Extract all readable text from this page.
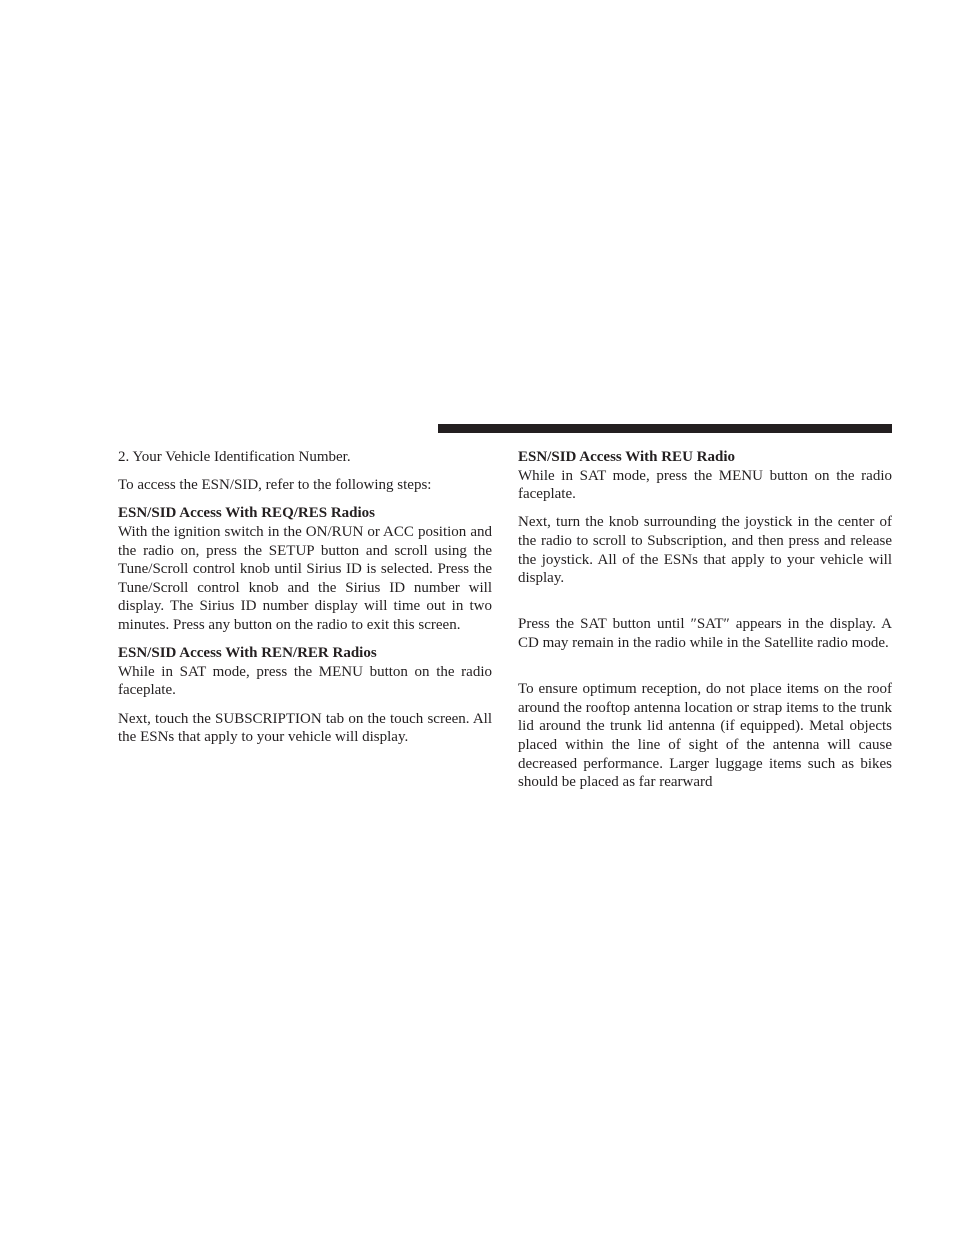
2. Your Vehicle Identification Number.

To access the ESN/SID, refer to the following steps:

ESN/SID Access With REQ/RES Radios

With the ignition switch in the ON/RUN or ACC position and the radio on, press the SETUP button and scroll using the Tune/Scroll control knob until Sirius ID is selected. Press the Tune/Scroll control knob and the Sirius ID number will display. The Sirius ID number display will time out in two minutes. Press any button on the radio to exit this screen.

ESN/SID Access With REN/RER Radios

While in SAT mode, press the MENU button on the radio faceplate.

Next, touch the SUBSCRIPTION tab on the touch screen. All the ESNs that apply to your vehicle will display.

ESN/SID Access With REU Radio

While in SAT mode, press the MENU button on the radio faceplate.

Next, turn the knob surrounding the joystick in the center of the radio to scroll to Subscription, and then press and release the joystick. All of the ESNs that apply to your vehicle will display.

Press the SAT button until ″SAT″ appears in the display. A CD may remain in the radio while in the Satellite radio mode.

To ensure optimum reception, do not place items on the roof around the rooftop antenna location or strap items to the trunk lid around the trunk lid antenna (if equipped). Metal objects placed within the line of sight of the antenna will cause decreased performance. Larger luggage items such as bikes should be placed as far rearward
